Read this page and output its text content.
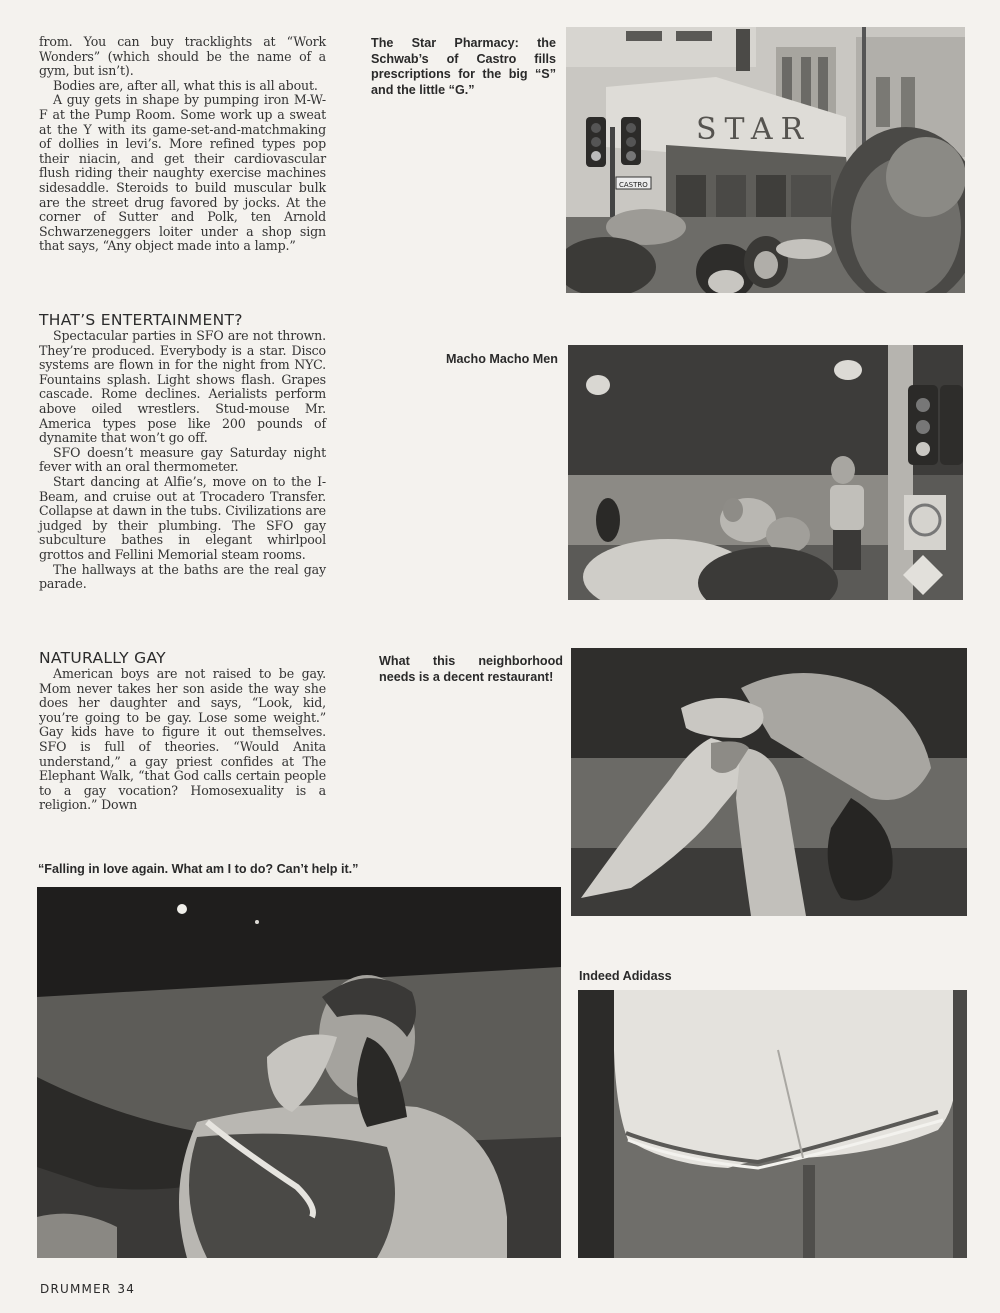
from. You can buy tracklights at “Work Wonders” (which should be the name of a gym, but isn’t).

Bodies are, after all, what this is all about.

A guy gets in shape by pumping iron M-W-F at the Pump Room. Some work up a sweat at the Y with its game-set-and-matchmaking of dollies in levi’s. More refined types pop their niacin, and get their cardiovascular flush riding their naughty exercise machines sidesaddle. Steroids to build muscular bulk are the street drug favored by jocks. At the corner of Sutter and Polk, ten Arnold Schwarzeneggers loiter under a shop sign that says, “Any object made into a lamp.”

THAT’S ENTERTAINMENT?

Spectacular parties in SFO are not thrown. They’re produced. Everybody is a star. Disco systems are flown in for the night from NYC. Fountains splash. Light shows flash. Grapes cascade. Rome declines. Aerialists perform above oiled wrestlers. Stud-mouse Mr. America types pose like 200 pounds of dynamite that won’t go off.

SFO doesn’t measure gay Saturday night fever with an oral thermometer.

Start dancing at Alfie’s, move on to the I-Beam, and cruise out at Trocadero Transfer. Collapse at dawn in the tubs. Civilizations are judged by their plumbing. The SFO gay subculture bathes in elegant whirlpool grottos and Fellini Memorial steam rooms.

The hallways at the baths are the real gay parade.

NATURALLY GAY

American boys are not raised to be gay. Mom never takes her son aside the way she does her daughter and says, “Look, kid, you’re going to be gay. Lose some weight.” Gay kids have to figure it out themselves. SFO is full of theories. “Would Anita understand,” a gay priest confides at The Elephant Walk, “that God calls certain people to a gay vocation? Homosexuality is a religion.” Down

The Star Pharmacy: the Schwab’s of Castro fills prescriptions for the big “S” and the little “G.”
Macho Macho Men
What this neighborhood needs is a decent restaurant!
“Falling in love again. What am I to do? Can’t help it.”
Indeed Adidass
STAR
CASTRO
DRUMMER 34
